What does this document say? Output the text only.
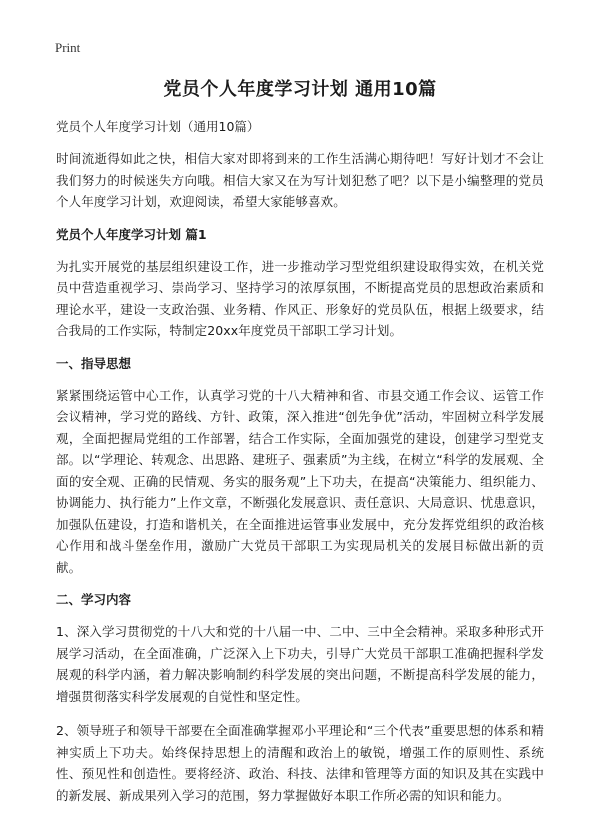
Print
党员个人年度学习计划 通用10篇
党员个人年度学习计划（通用10篇）

时间流逝得如此之快，相信大家对即将到来的工作生活满心期待吧！写好计划才不会让我们努力的时候迷失方向哦。相信大家又在为写计划犯愁了吧？以下是小编整理的党员个人年度学习计划，欢迎阅读，希望大家能够喜欢。

党员个人年度学习计划 篇1

为扎实开展党的基层组织建设工作，进一步推动学习型党组织建设取得实效，在机关党员中营造重视学习、崇尚学习、坚持学习的浓厚氛围，不断提高党员的思想政治素质和理论水平，建设一支政治强、业务精、作风正、形象好的党员队伍，根据上级要求，结合我局的工作实际，特制定20xx年度党员干部职工学习计划。

一、指导思想

紧紧围绕运管中心工作，认真学习党的十八大精神和省、市县交通工作会议、运管工作会议精神，学习党的路线、方针、政策，深入推进“创先争优”活动，牢固树立科学发展观，全面把握局党组的工作部署，结合工作实际，全面加强党的建设，创建学习型党支部。以“学理论、转观念、出思路、建班子、强素质”为主线，在树立“科学的发展观、全面的安全观、正确的民情观、务实的服务观”上下功夫，在提高“决策能力、组织能力、协调能力、执行能力”上作文章，不断强化发展意识、责任意识、大局意识、忧患意识，加强队伍建设，打造和谐机关，在全面推进运管事业发展中，充分发挥党组织的政治核心作用和战斗堡垒作用，激励广大党员干部职工为实现局机关的发展目标做出新的贡献。

二、学习内容

1、深入学习贯彻党的十八大和党的十八届一中、二中、三中全会精神。采取多种形式开展学习活动，在全面准确，广泛深入上下功夫，引导广大党员干部职工准确把握科学发展观的科学内涵，着力解决影响制约科学发展的突出问题，不断提高科学发展的能力，增强贯彻落实科学发展观的自觉性和坚定性。

2、领导班子和领导干部要在全面准确掌握邓小平理论和“三个代表”重要思想的体系和精神实质上下功夫。始终保持思想上的清醒和政治上的敏锐，增强工作的原则性、系统性、预见性和创造性。要将经济、政治、科技、法律和管理等方面的知识及其在实践中的新发展、新成果列入学习的范围，努力掌握做好本职工作所必需的知识和能力。
